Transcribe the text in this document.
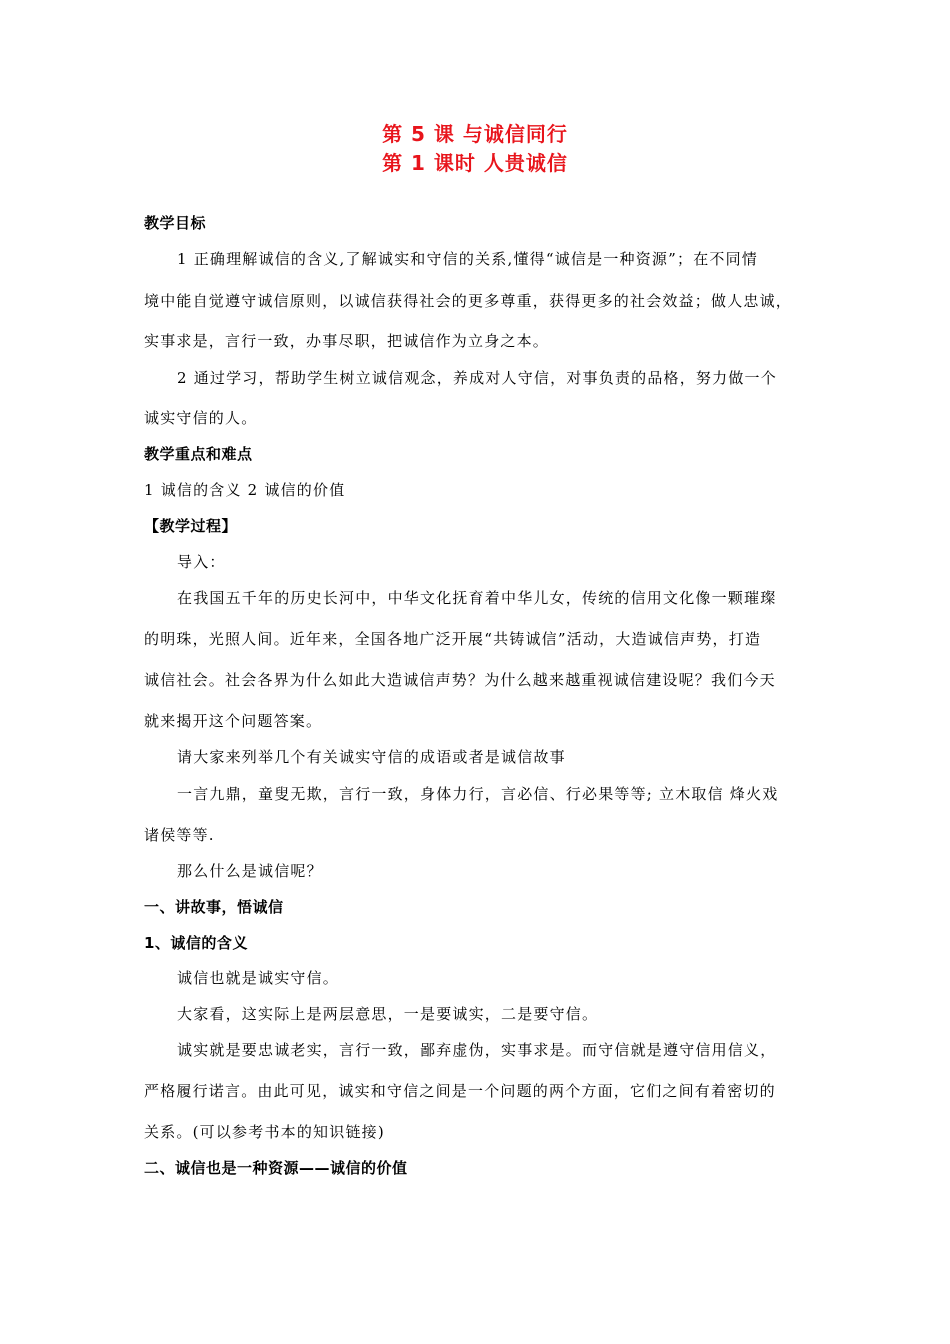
第 5 课 与诚信同行
第 1 课时 人贵诚信
教学目标
1 正确理解诚信的含义,了解诚实和守信的关系,懂得“诚信是一种资源”；在不同情
境中能自觉遵守诚信原则，以诚信获得社会的更多尊重，获得更多的社会效益；做人忠诚，
实事求是，言行一致，办事尽职，把诚信作为立身之本。
2 通过学习，帮助学生树立诚信观念，养成对人守信，对事负责的品格，努力做一个
诚实守信的人。
教学重点和难点
1 诚信的含义 2 诚信的价值
【教学过程】
导入：
在我国五千年的历史长河中，中华文化抚育着中华儿女，传统的信用文化像一颗璀璨
的明珠，光照人间。近年来，全国各地广泛开展“共铸诚信”活动，大造诚信声势，打造
诚信社会。社会各界为什么如此大造诚信声势？为什么越来越重视诚信建设呢？我们今天
就来揭开这个问题答案。
请大家来列举几个有关诚实守信的成语或者是诚信故事
一言九鼎，童叟无欺，言行一致，身体力行，言必信、行必果等等; 立木取信 烽火戏
诸侯等等.
那么什么是诚信呢？
一、讲故事，悟诚信
1、诚信的含义
诚信也就是诚实守信。
大家看，这实际上是两层意思，一是要诚实，二是要守信。
诚实就是要忠诚老实，言行一致，鄙弃虚伪，实事求是。而守信就是遵守信用信义，
严格履行诺言。由此可见，诚实和守信之间是一个问题的两个方面，它们之间有着密切的
关系。(可以参考书本的知识链接)
二、诚信也是一种资源——诚信的价值
